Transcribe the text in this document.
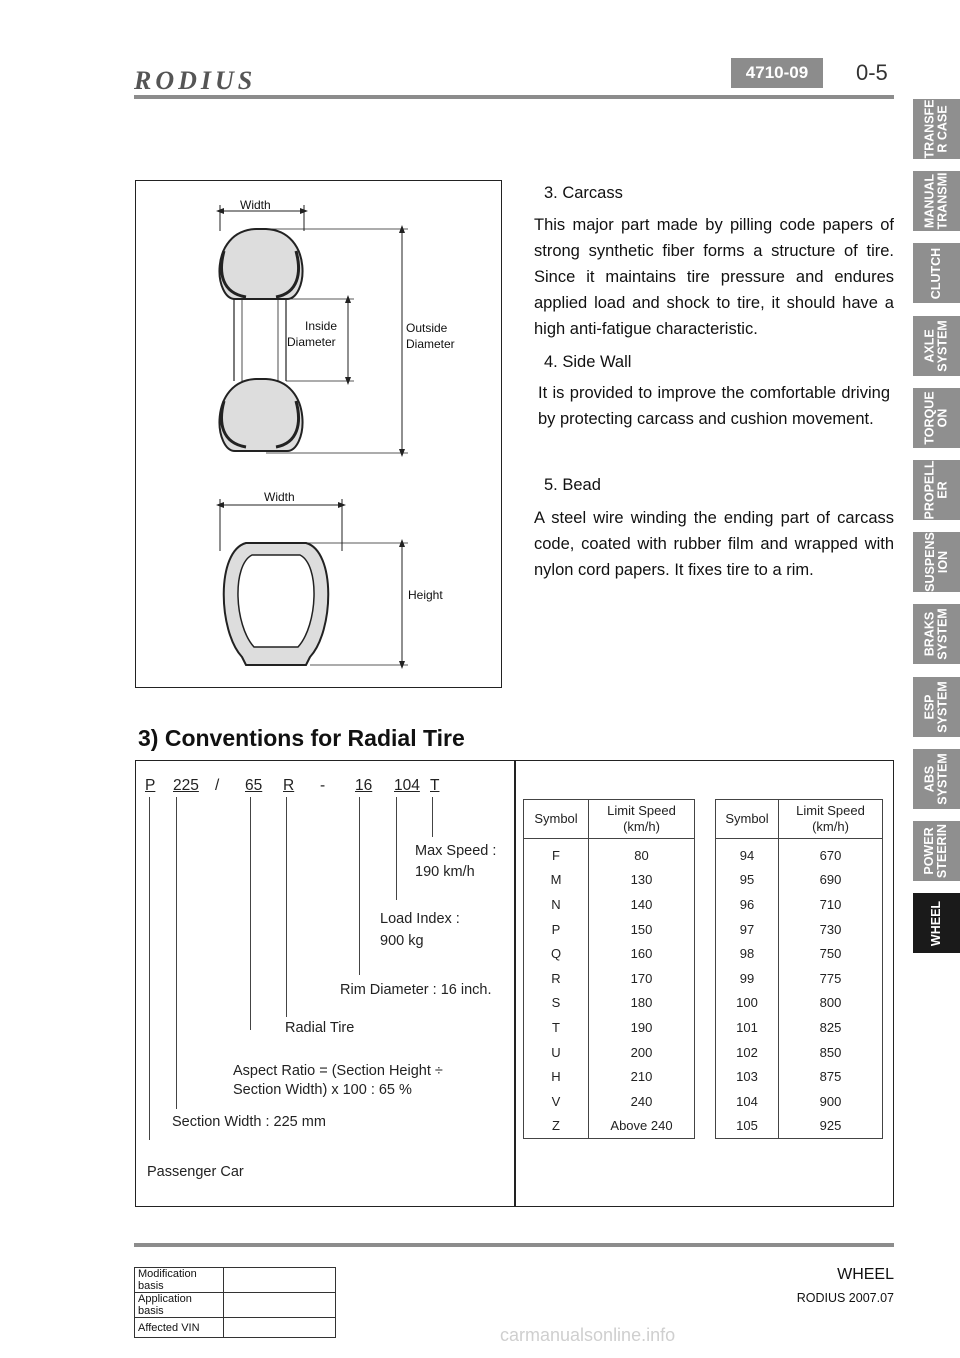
RODIUS	4710-09	0-5
TRANSFE
R CASE
MANUAL
TRANSMI
CLUTCH
AXLE
SYSTEM
TORQUE
ON
PROPELL
ER
SUSPENS
ION
BRAKS
SYSTEM
ESP
SYSTEM
ABS
SYSTEM
POWER
STEERIN
WHEEL
Width
Inside
Diameter
Outside
Diameter
Width
Height
3. Carcass
This major part made by pilling code papers of strong synthetic fiber forms a structure of tire. Since it maintains tire pressure and endures applied load and shock to tire, it should have a high anti-fatigue characteristic.
4. Side Wall
It is provided to improve the comfortable driving by protecting carcass and cushion movement.
5. Bead
A steel wire winding the ending part of carcass code, coated with rubber film and wrapped with nylon cord papers. It fixes tire to a rim.
3) Conventions for Radial Tire
P 225 / 65 R - 16 104 T
Max Speed :
190 km/h
Load Index :
900 kg
Rim Diameter : 16 inch.
Radial Tire
Aspect Ratio = (Section Height ÷
Section Width) x 100 : 65 %
Section Width : 225 mm
Passenger Car
Symbol	Limit Speed
(km/h)
F	80
M	130
N	140
P	150
Q	160
R	170
S	180
T	190
U	200
H	210
V	240
Z	Above 240
Symbol	Limit Speed
(km/h)
94	670
95	690
96	710
97	730
98	750
99	775
100	800
101	825
102	850
103	875
104	900
105	925
WHEEL
RODIUS 2007.07
Modification basis	
Application basis	
Affected VIN		carmanualsonline.info
